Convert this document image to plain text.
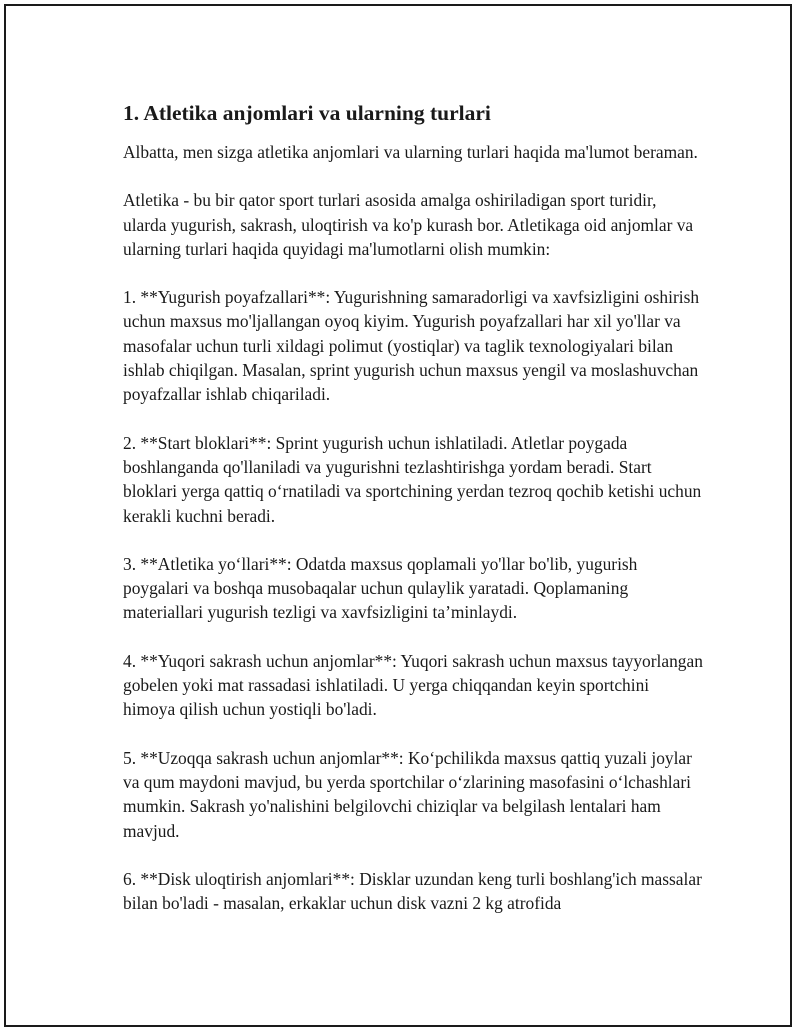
1. Atletika anjomlari va ularning turlari

Albatta, men sizga atletika anjomlari va ularning turlari haqida ma'lumot beraman.

Atletika - bu bir qator sport turlari asosida amalga oshiriladigan sport turidir, ularda yugurish, sakrash, uloqtirish va ko'p kurash bor. Atletikaga oid anjomlar va ularning turlari haqida quyidagi ma'lumotlarni olish mumkin:

1. **Yugurish poyafzallari**: Yugurishning samaradorligi va xavfsizligini oshirish uchun maxsus mo'ljallangan oyoq kiyim. Yugurish poyafzallari har xil yo'llar va masofalar uchun turli xildagi polimut (yostiqlar) va taglik texnologiyalari bilan ishlab chiqilgan. Masalan, sprint yugurish uchun maxsus yengil va moslashuvchan poyafzallar ishlab chiqariladi.

2. **Start bloklari**: Sprint yugurish uchun ishlatiladi. Atletlar poygada boshlanganda qo'llaniladi va yugurishni tezlashtirishga yordam beradi. Start bloklari yerga qattiq o‘rnatiladi va sportchining yerdan tezroq qochib ketishi uchun kerakli kuchni beradi.

3. **Atletika yo‘llari**: Odatda maxsus qoplamali yo'llar bo'lib, yugurish poygalari va boshqa musobaqalar uchun qulaylik yaratadi. Qoplamaning materiallari yugurish tezligi va xavfsizligini ta’minlaydi.

4. **Yuqori sakrash uchun anjomlar**: Yuqori sakrash uchun maxsus tayyorlangan gobelen yoki mat rassadasi ishlatiladi. U yerga chiqqandan keyin sportchini himoya qilish uchun yostiqli bo'ladi.

5. **Uzoqqa sakrash uchun anjomlar**: Ko‘pchilikda maxsus qattiq yuzali joylar va qum maydoni mavjud, bu yerda sportchilar o‘zlarining masofasini o‘lchashlari mumkin. Sakrash yo'nalishini belgilovchi chiziqlar va belgilash lentalari ham mavjud.

6. **Disk uloqtirish anjomlari**: Disklar uzundan keng turli boshlang'ich massalar bilan bo'ladi - masalan, erkaklar uchun disk vazni 2 kg atrofida
